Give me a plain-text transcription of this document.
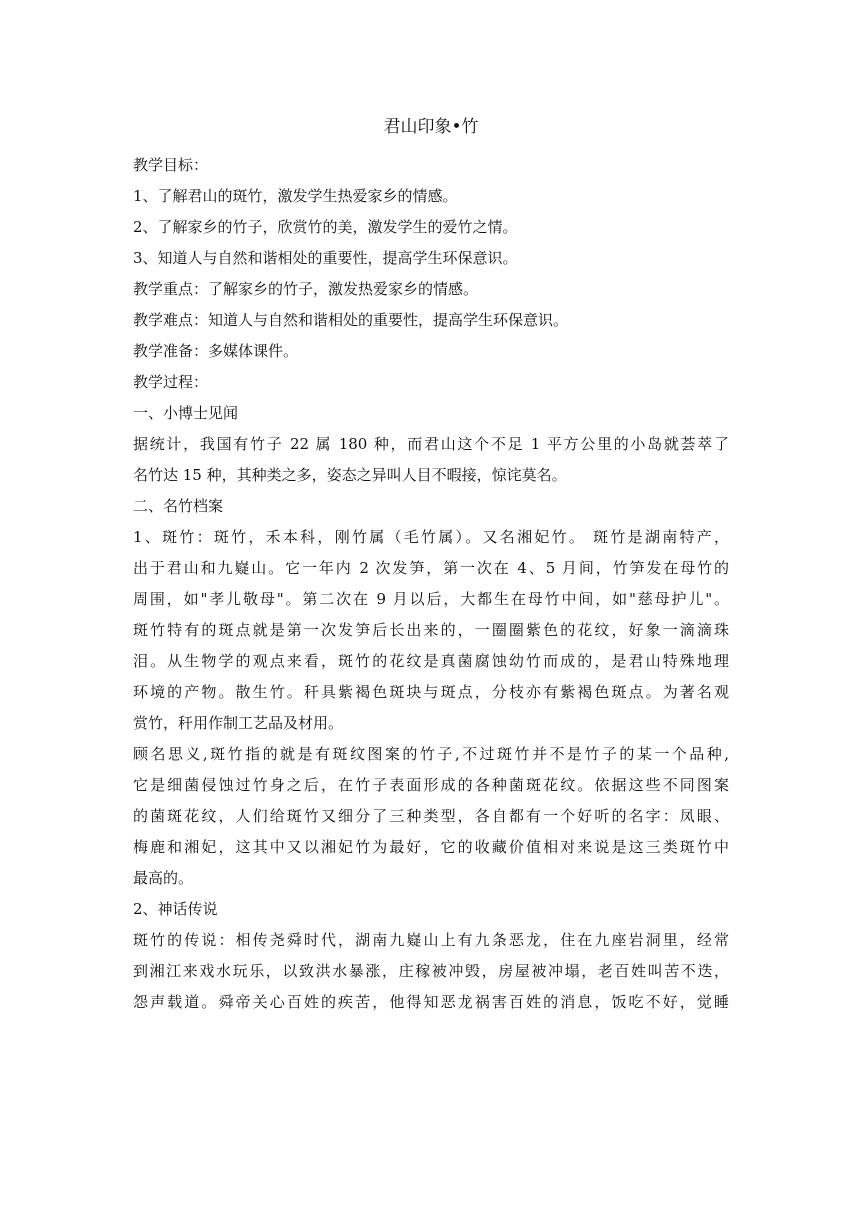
君山印象•竹

教学目标：

1、了解君山的斑竹，激发学生热爱家乡的情感。

2、了解家乡的竹子，欣赏竹的美，激发学生的爱竹之情。

3、知道人与自然和谐相处的重要性，提高学生环保意识。

教学重点：了解家乡的竹子，激发热爱家乡的情感。

教学难点：知道人与自然和谐相处的重要性，提高学生环保意识。

教学准备：多媒体课件。

教学过程：

一、小博士见闻

据统计，我国有竹子 22 属 180 种，而君山这个不足 1 平方公里的小岛就荟萃了

名竹达 15 种，其种类之多，姿态之异叫人目不暇接，惊诧莫名。

二、名竹档案

1、斑竹：斑竹，禾本科，刚竹属（毛竹属）。又名湘妃竹。 斑竹是湖南特产，

出于君山和九嶷山。它一年内 2 次发笋，第一次在 4、5 月间，竹笋发在母竹的

周围，如"孝儿敬母"。第二次在 9 月以后，大都生在母竹中间，如"慈母护儿"。

斑竹特有的斑点就是第一次发笋后长出来的，一圈圈紫色的花纹，好象一滴滴珠

泪。从生物学的观点来看，斑竹的花纹是真菌腐蚀幼竹而成的，是君山特殊地理

环境的产物。散生竹。秆具紫褐色斑块与斑点，分枝亦有紫褐色斑点。为著名观

赏竹，秆用作制工艺品及材用。

顾名思义,斑竹指的就是有斑纹图案的竹子,不过斑竹并不是竹子的某一个品种,

它是细菌侵蚀过竹身之后，在竹子表面形成的各种菌斑花纹。依据这些不同图案

的菌斑花纹，人们给斑竹又细分了三种类型，各自都有一个好听的名字：凤眼、

梅鹿和湘妃，这其中又以湘妃竹为最好，它的收藏价值相对来说是这三类斑竹中

最高的。

2、神话传说

斑竹的传说：相传尧舜时代，湖南九嶷山上有九条恶龙，住在九座岩洞里，经常

到湘江来戏水玩乐，以致洪水暴涨，庄稼被冲毁，房屋被冲塌，老百姓叫苦不迭，

怨声载道。舜帝关心百姓的疾苦，他得知恶龙祸害百姓的消息，饭吃不好，觉睡
